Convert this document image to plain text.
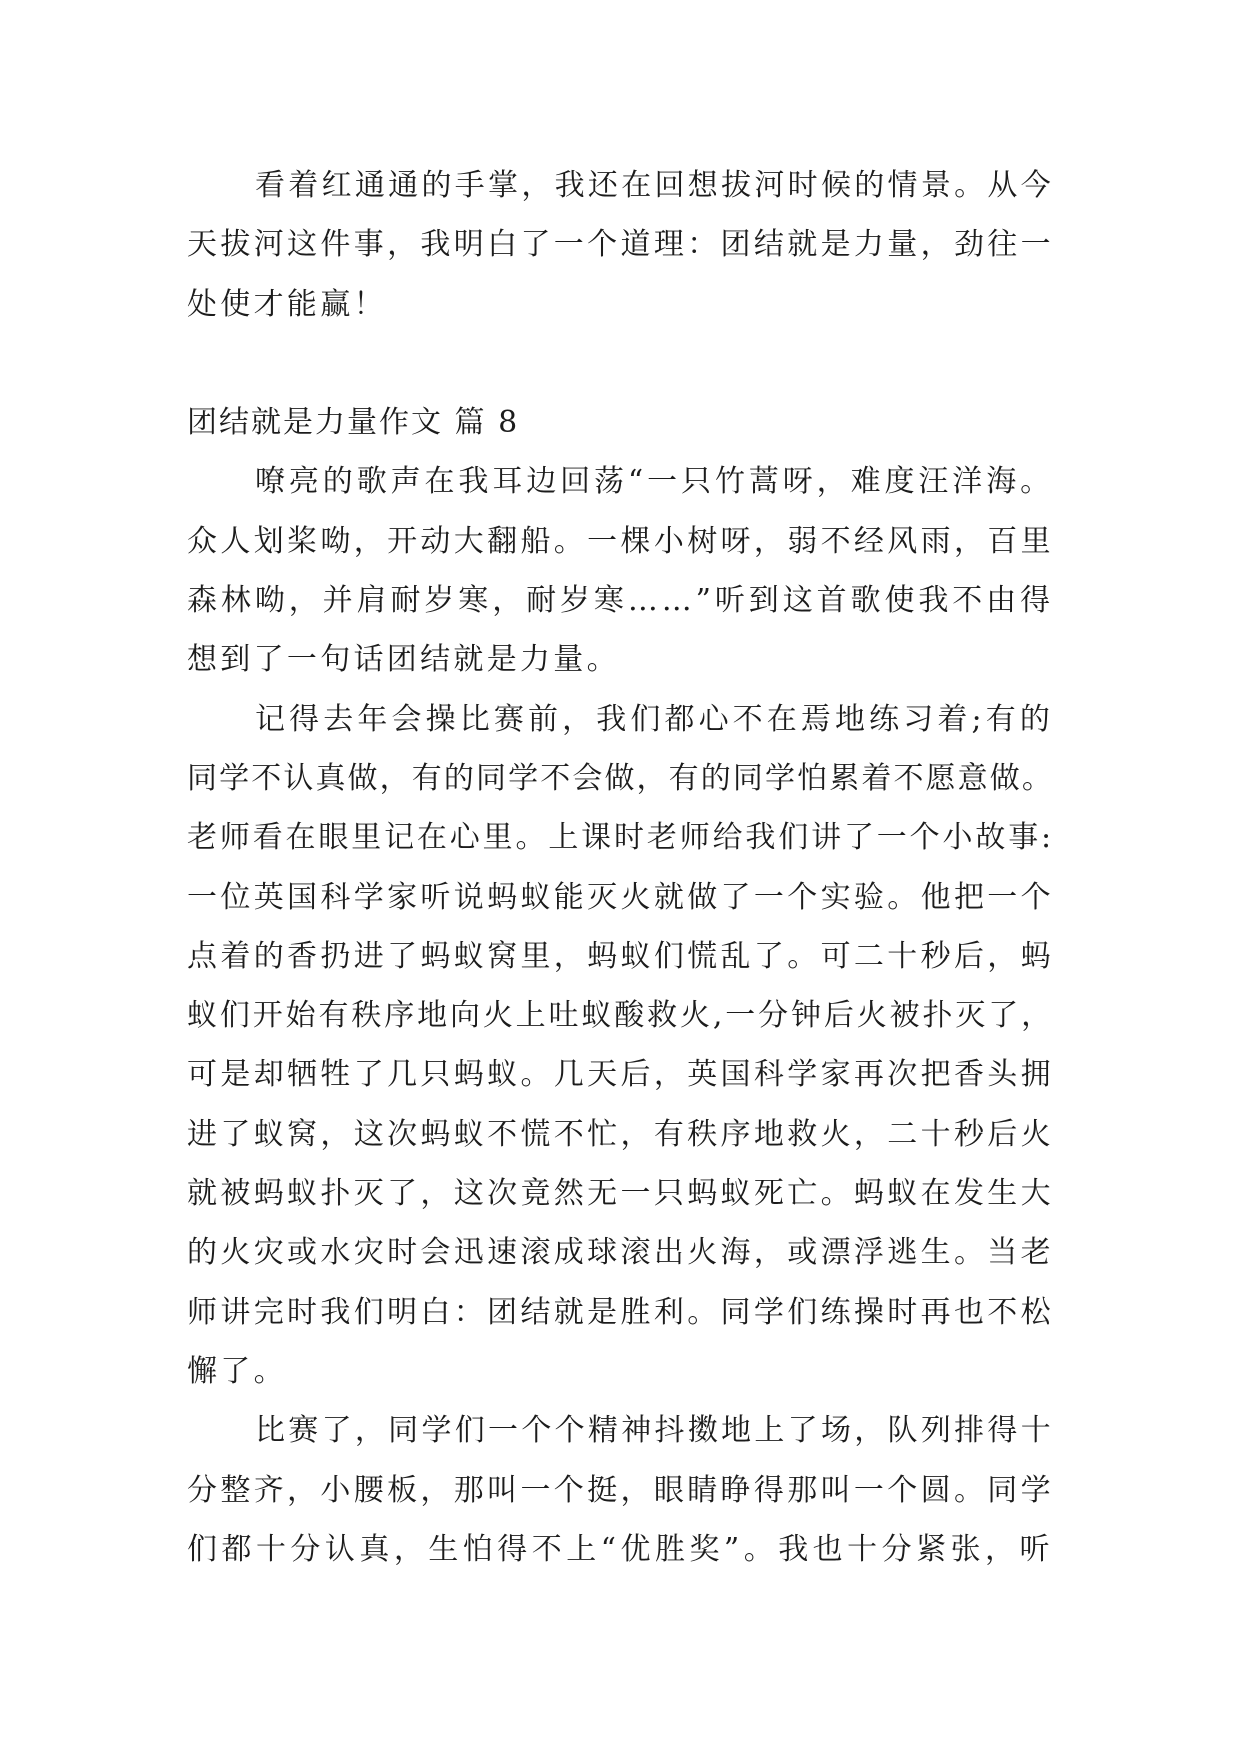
看着红通通的手掌，我还在回想拔河时候的情景。从今
天拔河这件事，我明白了一个道理：团结就是力量，劲往一
处使才能赢！
团结就是力量作文 篇 8
嘹亮的歌声在我耳边回荡“一只竹蒿呀，难度汪洋海。
众人划桨呦，开动大翻船。一棵小树呀，弱不经风雨，百里
森林呦，并肩耐岁寒，耐岁寒……”听到这首歌使我不由得
想到了一句话团结就是力量。
记得去年会操比赛前，我们都心不在焉地练习着;有的
同学不认真做，有的同学不会做，有的同学怕累着不愿意做。
老师看在眼里记在心里。上课时老师给我们讲了一个小故事:
一位英国科学家听说蚂蚁能灭火就做了一个实验。他把一个
点着的香扔进了蚂蚁窝里，蚂蚁们慌乱了。可二十秒后，蚂
蚁们开始有秩序地向火上吐蚁酸救火,一分钟后火被扑灭了，
可是却牺牲了几只蚂蚁。几天后，英国科学家再次把香头拥
进了蚁窝，这次蚂蚁不慌不忙，有秩序地救火，二十秒后火
就被蚂蚁扑灭了，这次竟然无一只蚂蚁死亡。蚂蚁在发生大
的火灾或水灾时会迅速滚成球滚出火海，或漂浮逃生。当老
师讲完时我们明白：团结就是胜利。同学们练操时再也不松
懈了。
比赛了，同学们一个个精神抖擞地上了场，队列排得十
分整齐，小腰板，那叫一个挺，眼睛睁得那叫一个圆。同学
们都十分认真，生怕得不上“优胜奖”。我也十分紧张，听
